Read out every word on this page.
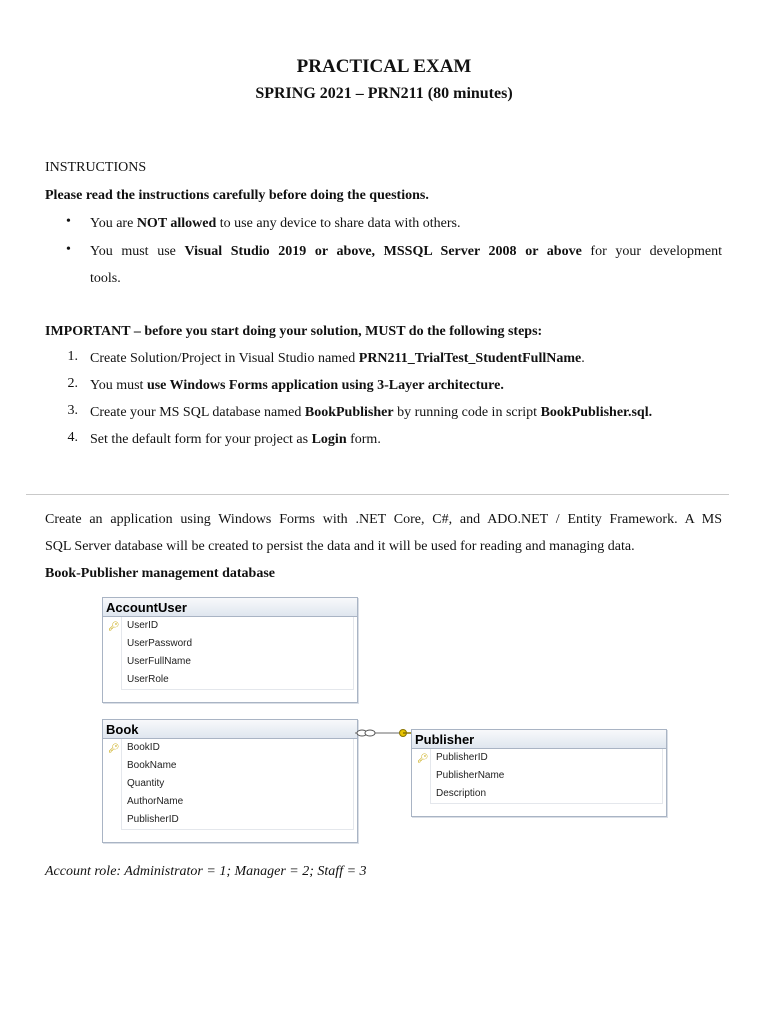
PRACTICAL EXAM
SPRING 2021 – PRN211 (80 minutes)
INSTRUCTIONS
Please read the instructions carefully before doing the questions.
• You are NOT allowed to use any device to share data with others.
• You must use Visual Studio 2019 or above, MSSQL Server 2008 or above for your development
tools.
IMPORTANT – before you start doing your solution, MUST do the following steps:
1. Create Solution/Project in Visual Studio named PRN211_TrialTest_StudentFullName.
2. You must use Windows Forms application using 3-Layer architecture.
3. Create your MS SQL database named BookPublisher by running code in script BookPublisher.sql.
4. Set the default form for your project as Login form.
Create an application using Windows Forms with .NET Core, C#, and ADO.NET / Entity Framework. A MS
SQL Server database will be created to persist the data and it will be used for reading and managing data.
Book-Publisher management database
AccountUser
🔑︎ UserID
UserPassword
UserFullName
UserRole
Book
🔑︎ BookID
BookName
Quantity
AuthorName
PublisherID
Publisher
🔑︎ PublisherID
PublisherName
Description
Account role: Administrator = 1; Manager = 2; Staff = 3
